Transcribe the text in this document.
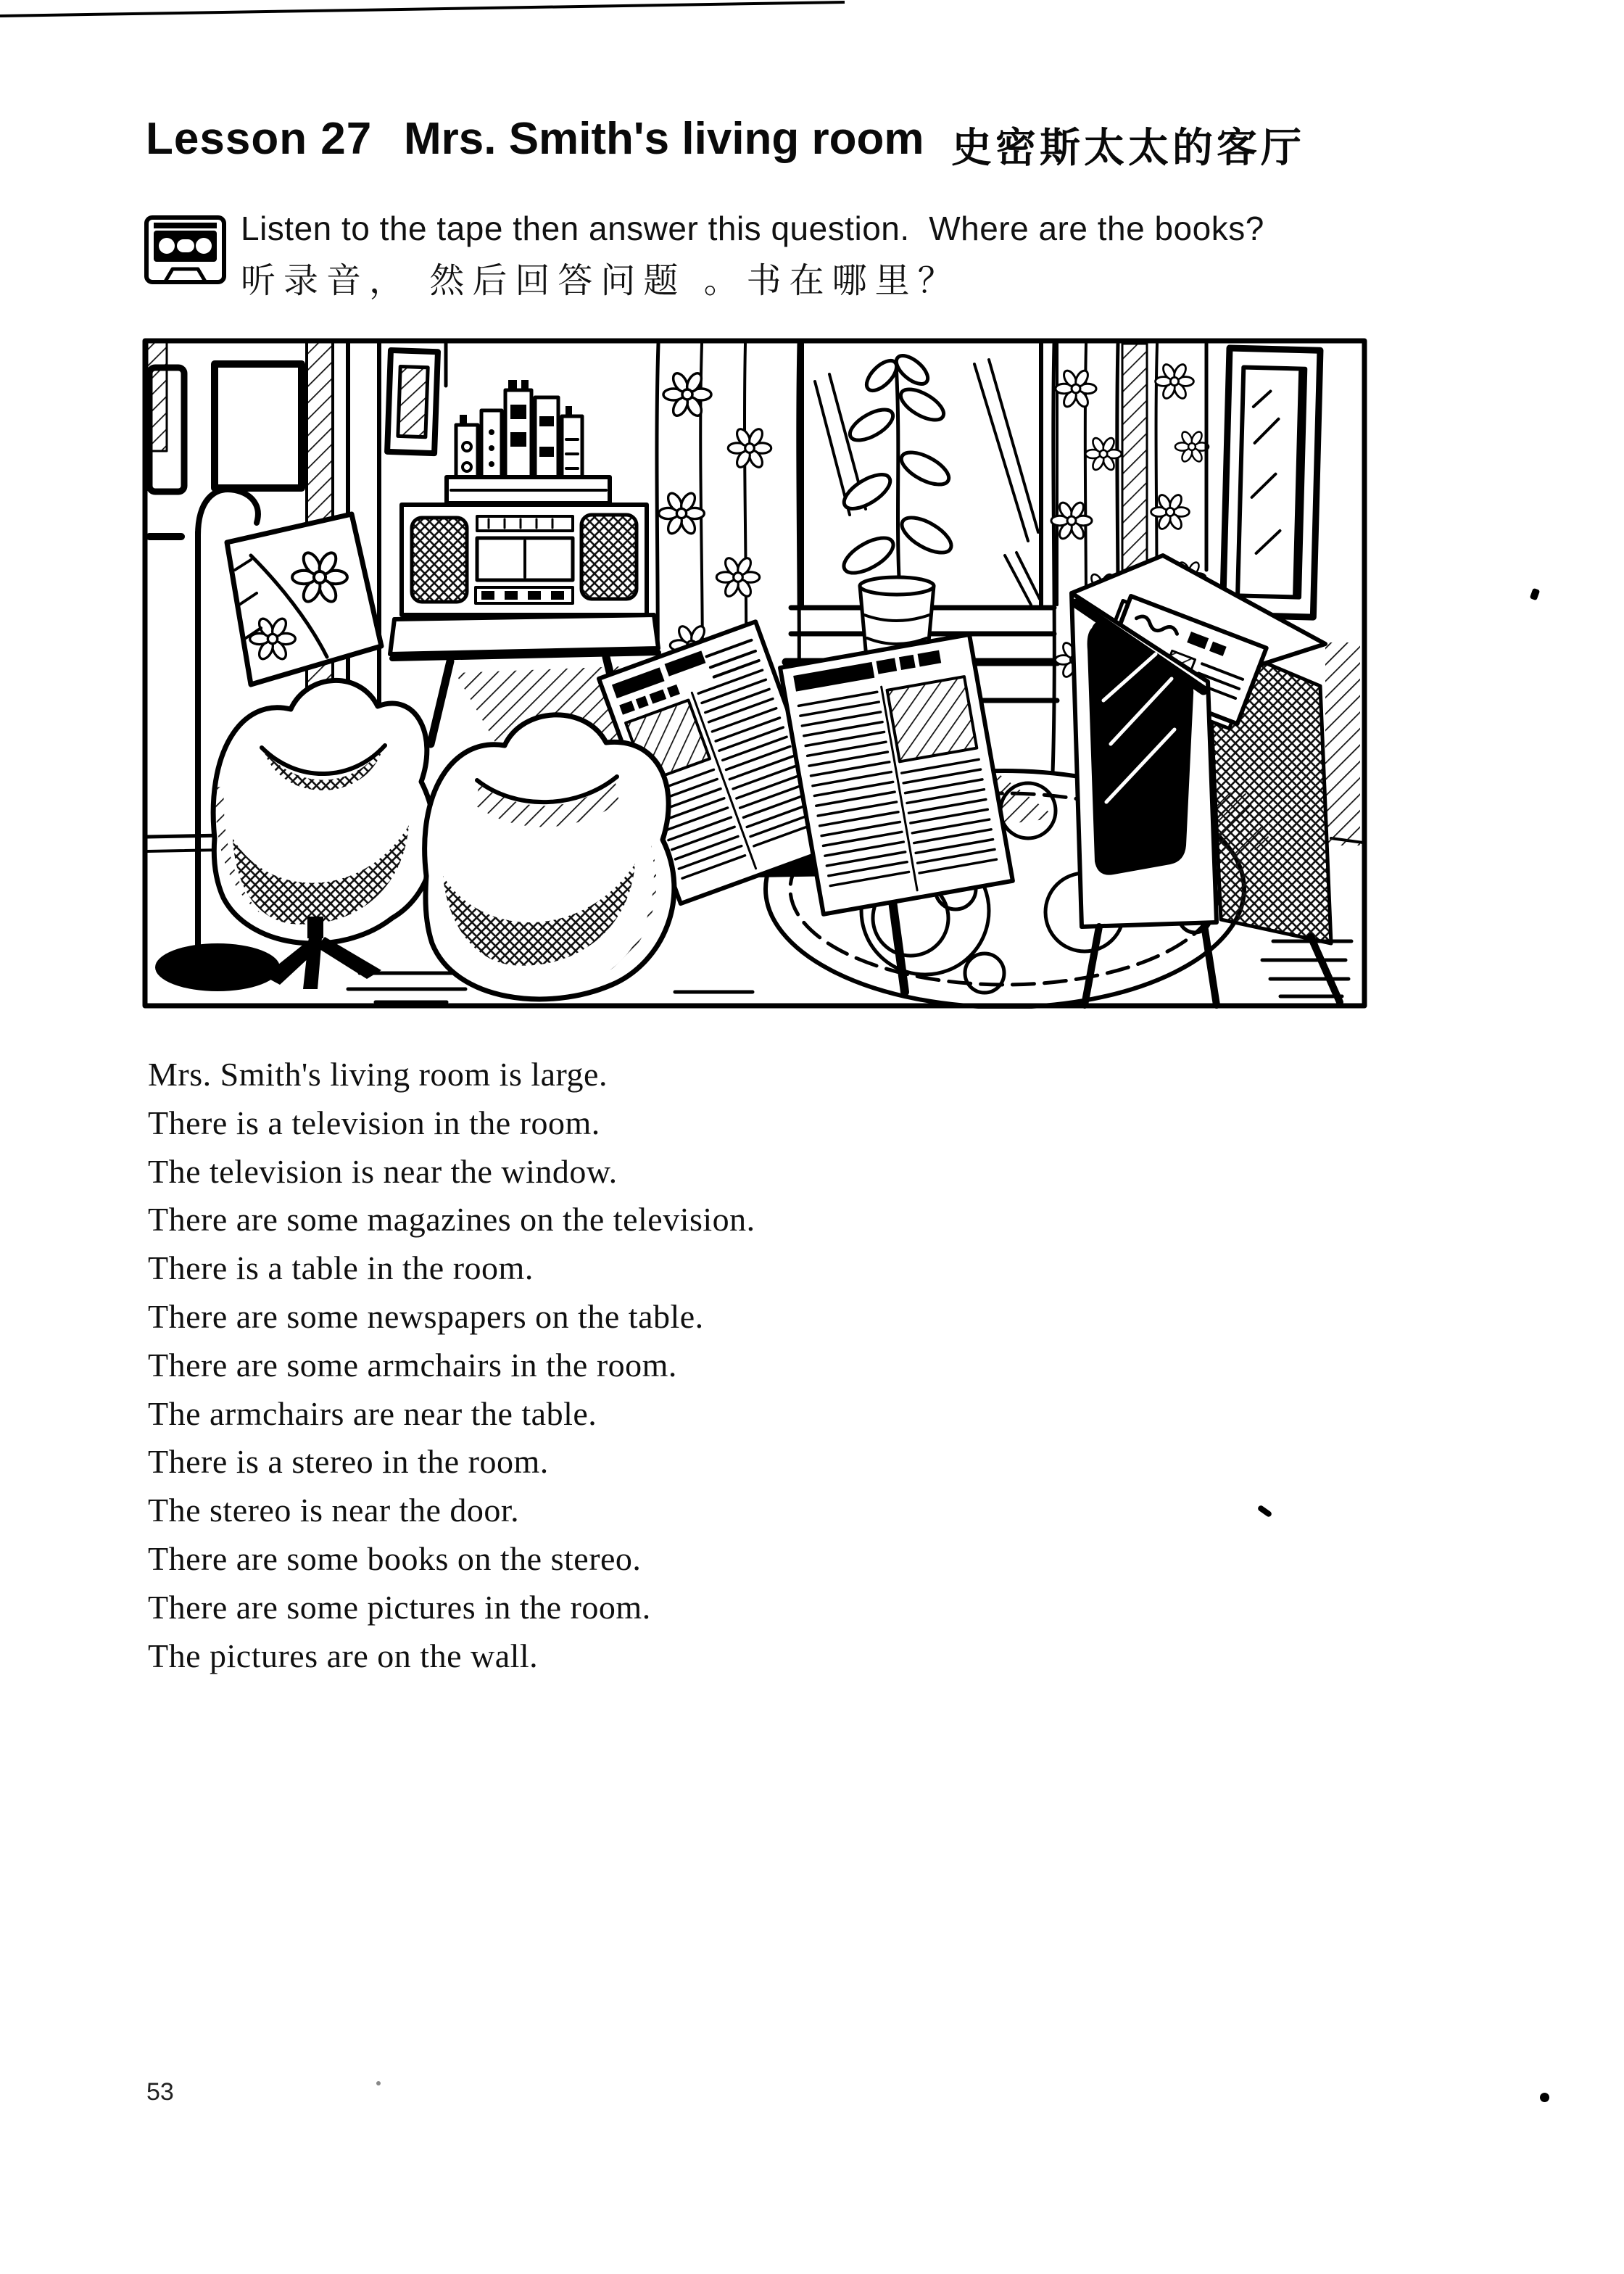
Lesson 27 Mrs. Smith's living room 史密斯太太的客厅
Listen to the tape then answer this question.  Where are the books?
听录音， 然后回答问题 。书在哪里？

Mrs. Smith's living room is large.

There is a television in the room.

The television is near the window.

There are some magazines on the television.

There is a table in the room.

There are some newspapers on the table.

There are some armchairs in the room.

The armchairs are near the table.

There is a stereo in the room.

The stereo is near the door.

There are some books on the stereo.

There are some pictures in the room.

The pictures are on the wall.

53
